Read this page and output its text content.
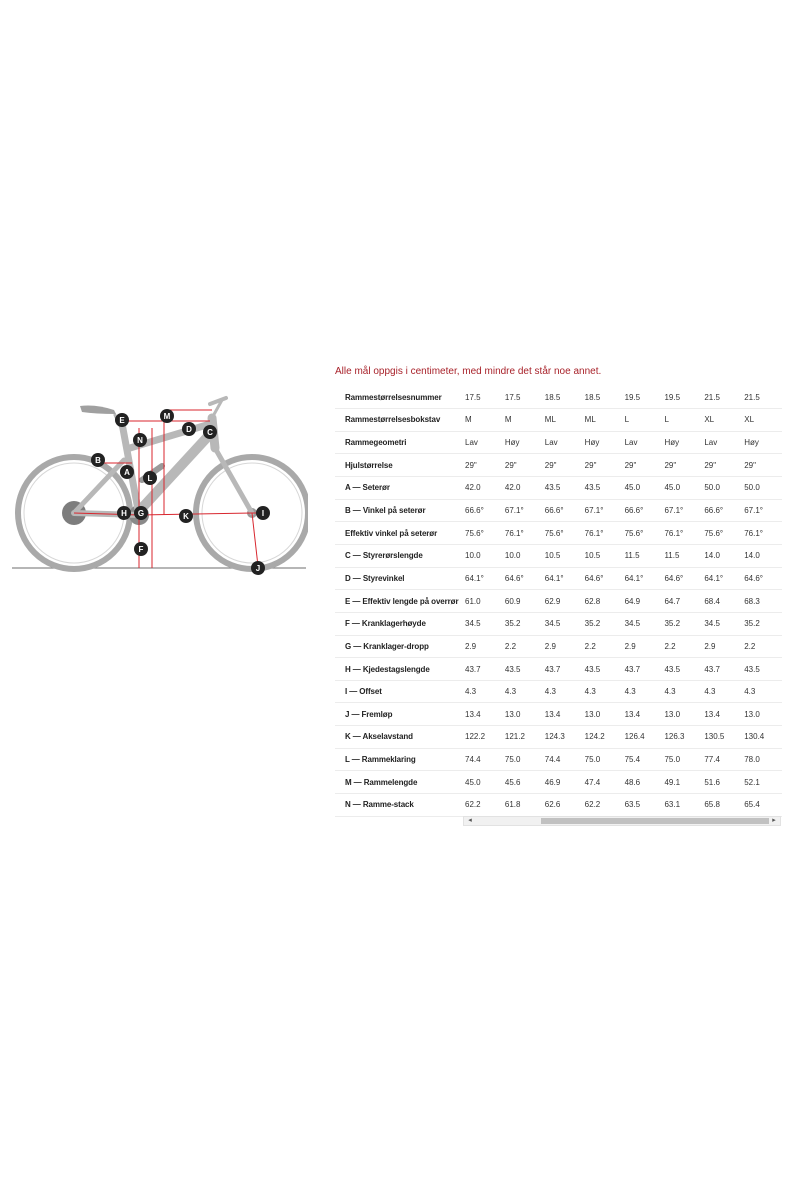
E	M
D C
N
B
A
L
H G	K	I
F
J
Alle mål oppgis i centimeter, med mindre det står noe annet.
Rammestørrelsesnummer	17.5	17.5	18.5	18.5	19.5	19.5	21.5	21.5
Rammestørrelsesbokstav	M	M	ML	ML	L	L	XL	XL
Rammegeometri	Lav	Høy	Lav	Høy	Lav	Høy	Lav	Høy
Hjulstørrelse	29"	29"	29"	29"	29"	29"	29"	29"
A — Seterør	42.0	42.0	43.5	43.5	45.0	45.0	50.0	50.0
B — Vinkel på seterør	66.6°	67.1°	66.6°	67.1°	66.6°	67.1°	66.6°	67.1°
Effektiv vinkel på seterør	75.6°	76.1°	75.6°	76.1°	75.6°	76.1°	75.6°	76.1°
C — Styrerørslengde	10.0	10.0	10.5	10.5	11.5	11.5	14.0	14.0
D — Styrevinkel	64.1°	64.6°	64.1°	64.6°	64.1°	64.6°	64.1°	64.6°
E — Effektiv lengde på overrør	61.0	60.9	62.9	62.8	64.9	64.7	68.4	68.3
F — Kranklagerhøyde	34.5	35.2	34.5	35.2	34.5	35.2	34.5	35.2
G — Kranklager-dropp	2.9	2.2	2.9	2.2	2.9	2.2	2.9	2.2
H — Kjedestagslengde	43.7	43.5	43.7	43.5	43.7	43.5	43.7	43.5
I — Offset	4.3	4.3	4.3	4.3	4.3	4.3	4.3	4.3
J — Fremløp	13.4	13.0	13.4	13.0	13.4	13.0	13.4	13.0
K — Akselavstand	122.2	121.2	124.3	124.2	126.4	126.3	130.5	130.4
L — Rammeklaring	74.4	75.0	74.4	75.0	75.4	75.0	77.4	78.0
M — Rammelengde	45.0	45.6	46.9	47.4	48.6	49.1	51.6	52.1
N — Ramme-stack	62.2	61.8	62.6	62.2	63.5	63.1	65.8	65.4
◂	▸
